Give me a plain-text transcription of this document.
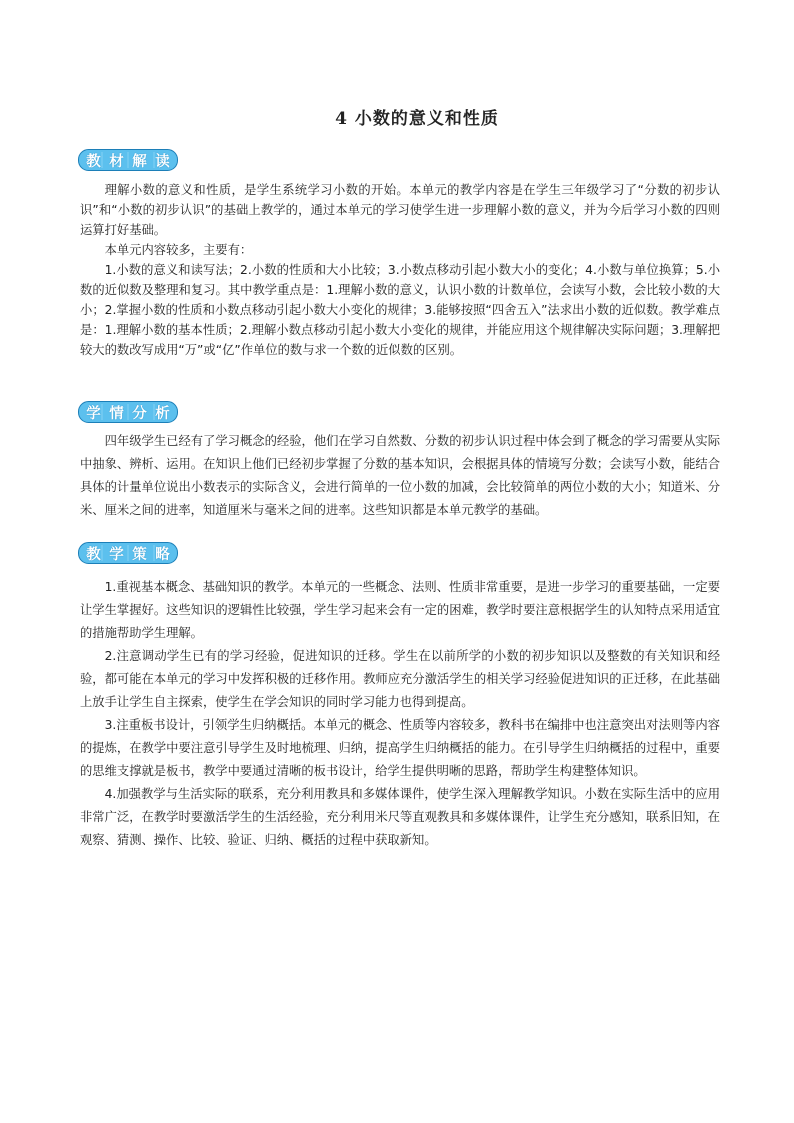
4 小数的意义和性质
教 材 解 读

理解小数的意义和性质，是学生系统学习小数的开始。本单元的教学内容是在学生三年级学习了“分数的初步认识”和“小数的初步认识”的基础上教学的，通过本单元的学习使学生进一步理解小数的意义，并为今后学习小数的四则运算打好基础。

本单元内容较多，主要有：

1.小数的意义和读写法；2.小数的性质和大小比较；3.小数点移动引起小数大小的变化；4.小数与单位换算；5.小数的近似数及整理和复习。其中教学重点是：1.理解小数的意义，认识小数的计数单位，会读写小数，会比较小数的大小；2.掌握小数的性质和小数点移动引起小数大小变化的规律；3.能够按照“四舍五入”法求出小数的近似数。教学难点是：1.理解小数的基本性质；2.理解小数点移动引起小数大小变化的规律，并能应用这个规律解决实际问题；3.理解把较大的数改写成用“万”或“亿”作单位的数与求一个数的近似数的区别。

学 情 分 析

四年级学生已经有了学习概念的经验，他们在学习自然数、分数的初步认识过程中体会到了概念的学习需要从实际中抽象、辨析、运用。在知识上他们已经初步掌握了分数的基本知识，会根据具体的情境写分数；会读写小数，能结合具体的计量单位说出小数表示的实际含义，会进行简单的一位小数的加减，会比较简单的两位小数的大小；知道米、分米、厘米之间的进率，知道厘米与毫米之间的进率。这些知识都是本单元教学的基础。

教 学 策 略

1.重视基本概念、基础知识的教学。本单元的一些概念、法则、性质非常重要，是进一步学习的重要基础，一定要让学生掌握好。这些知识的逻辑性比较强，学生学习起来会有一定的困难，教学时要注意根据学生的认知特点采用适宜的措施帮助学生理解。

2.注意调动学生已有的学习经验，促进知识的迁移。学生在以前所学的小数的初步知识以及整数的有关知识和经验，都可能在本单元的学习中发挥积极的迁移作用。教师应充分激活学生的相关学习经验促进知识的正迁移，在此基础上放手让学生自主探索，使学生在学会知识的同时学习能力也得到提高。

3.注重板书设计，引领学生归纳概括。本单元的概念、性质等内容较多，教科书在编排中也注意突出对法则等内容的提炼，在教学中要注意引导学生及时地梳理、归纳，提高学生归纳概括的能力。在引导学生归纳概括的过程中，重要的思维支撑就是板书，教学中要通过清晰的板书设计，给学生提供明晰的思路，帮助学生构建整体知识。

4.加强教学与生活实际的联系，充分利用教具和多媒体课件，使学生深入理解教学知识。小数在实际生活中的应用非常广泛，在教学时要激活学生的生活经验，充分利用米尺等直观教具和多媒体课件，让学生充分感知，联系旧知，在观察、猜测、操作、比较、验证、归纳、概括的过程中获取新知。
